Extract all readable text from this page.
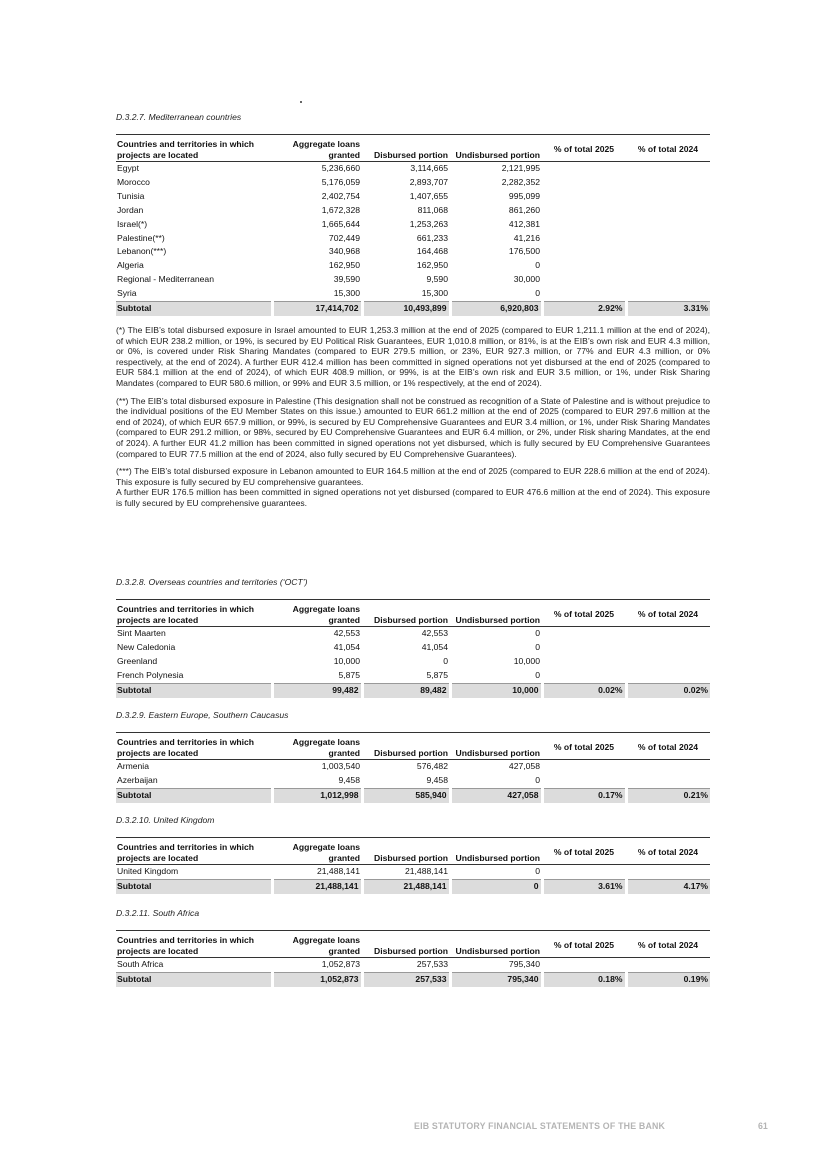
D.3.2.7. Mediterranean countries

Countries and territories in which projects are located	Aggregate loans granted	Disbursed portion	Undisbursed portion	% of total 2025	% of total 2024
Egypt	5,236,660	3,114,665	2,121,995		
Morocco	5,176,059	2,893,707	2,282,352		
Tunisia	2,402,754	1,407,655	995,099		
Jordan	1,672,328	811,068	861,260		
Israel(*)	1,665,644	1,253,263	412,381		
Palestine(**)	702,449	661,233	41,216		
Lebanon(***)	340,968	164,468	176,500		
Algeria	162,950	162,950	0		
Regional - Mediterranean	39,590	9,590	30,000		
Syria	15,300	15,300	0		
Subtotal	17,414,702	10,493,899	6,920,803	2.92%	3.31%

(*) The EIB’s total disbursed exposure in Israel amounted to EUR 1,253.3 million at the end of 2025 (compared to EUR 1,211.1 million at the end of 2024), of which EUR 238.2 million, or 19%, is secured by EU Political Risk Guarantees, EUR 1,010.8 million, or 81%, is at the EIB’s own risk and EUR 4.3 million, or 0%, is covered under Risk Sharing Mandates (compared to EUR 279.5 million, or 23%, EUR 927.3 million, or 77% and EUR 4.3 million, or 0% respectively, at the end of 2024). A further EUR 412.4 million has been committed in signed operations not yet disbursed at the end of 2025 (compared to EUR 584.1 million at the end of 2024), of which EUR 408.9 million, or 99%, is at the EIB’s own risk and EUR 3.5 million, or 1%, under Risk Sharing Mandates (compared to EUR 580.6 million, or 99% and EUR 3.5 million, or 1% respectively, at the end of 2024).

(**) The EIB’s total disbursed exposure in Palestine (This designation shall not be construed as recognition of a State of Palestine and is without prejudice to the individual positions of the EU Member States on this issue.) amounted to EUR 661.2 million at the end of 2025 (compared to EUR 297.6 million at the end of 2024), of which EUR 657.9 million, or 99%, is secured by EU Comprehensive Guarantees and EUR 3.4 million, or 1%, under Risk Sharing Mandates (compared to EUR 291.2 million, or 98%, secured by EU Comprehensive Guarantees and EUR 6.4 million, or 2%, under Risk sharing Mandates, at the end of 2024). A further EUR 41.2 million has been committed in signed operations not yet disbursed, which is fully secured by EU Comprehensive Guarantees (compared to EUR 77.5 million at the end of 2024, also fully secured by EU Comprehensive Guarantees).

(***) The EIB’s total disbursed exposure in Lebanon amounted to EUR 164.5 million at the end of 2025 (compared to EUR 228.6 million at the end of 2024). This exposure is fully secured by EU comprehensive guarantees.

A further EUR 176.5 million has been committed in signed operations not yet disbursed (compared to EUR 476.6 million at the end of 2024). This exposure is fully secured by EU comprehensive guarantees.

D.3.2.8. Overseas countries and territories (‘OCT’)

Countries and territories in which projects are located	Aggregate loans granted	Disbursed portion	Undisbursed portion	% of total 2025	% of total 2024
Sint Maarten	42,553	42,553	0		
New Caledonia	41,054	41,054	0		
Greenland	10,000	0	10,000		
French Polynesia	5,875	5,875	0		
Subtotal	99,482	89,482	10,000	0.02%	0.02%

D.3.2.9. Eastern Europe, Southern Caucasus

Countries and territories in which projects are located	Aggregate loans granted	Disbursed portion	Undisbursed portion	% of total 2025	% of total 2024
Armenia	1,003,540	576,482	427,058		
Azerbaijan	9,458	9,458	0		
Subtotal	1,012,998	585,940	427,058	0.17%	0.21%

D.3.2.10. United Kingdom

Countries and territories in which projects are located	Aggregate loans granted	Disbursed portion	Undisbursed portion	% of total 2025	% of total 2024
United Kingdom	21,488,141	21,488,141	0		
Subtotal	21,488,141	21,488,141	0	3.61%	4.17%

D.3.2.11. South Africa

Countries and territories in which projects are located	Aggregate loans granted	Disbursed portion	Undisbursed portion	% of total 2025	% of total 2024
South Africa	1,052,873	257,533	795,340		
Subtotal	1,052,873	257,533	795,340	0.18%	0.19%
EIB STATUTORY FINANCIAL STATEMENTS OF THE BANK	61
